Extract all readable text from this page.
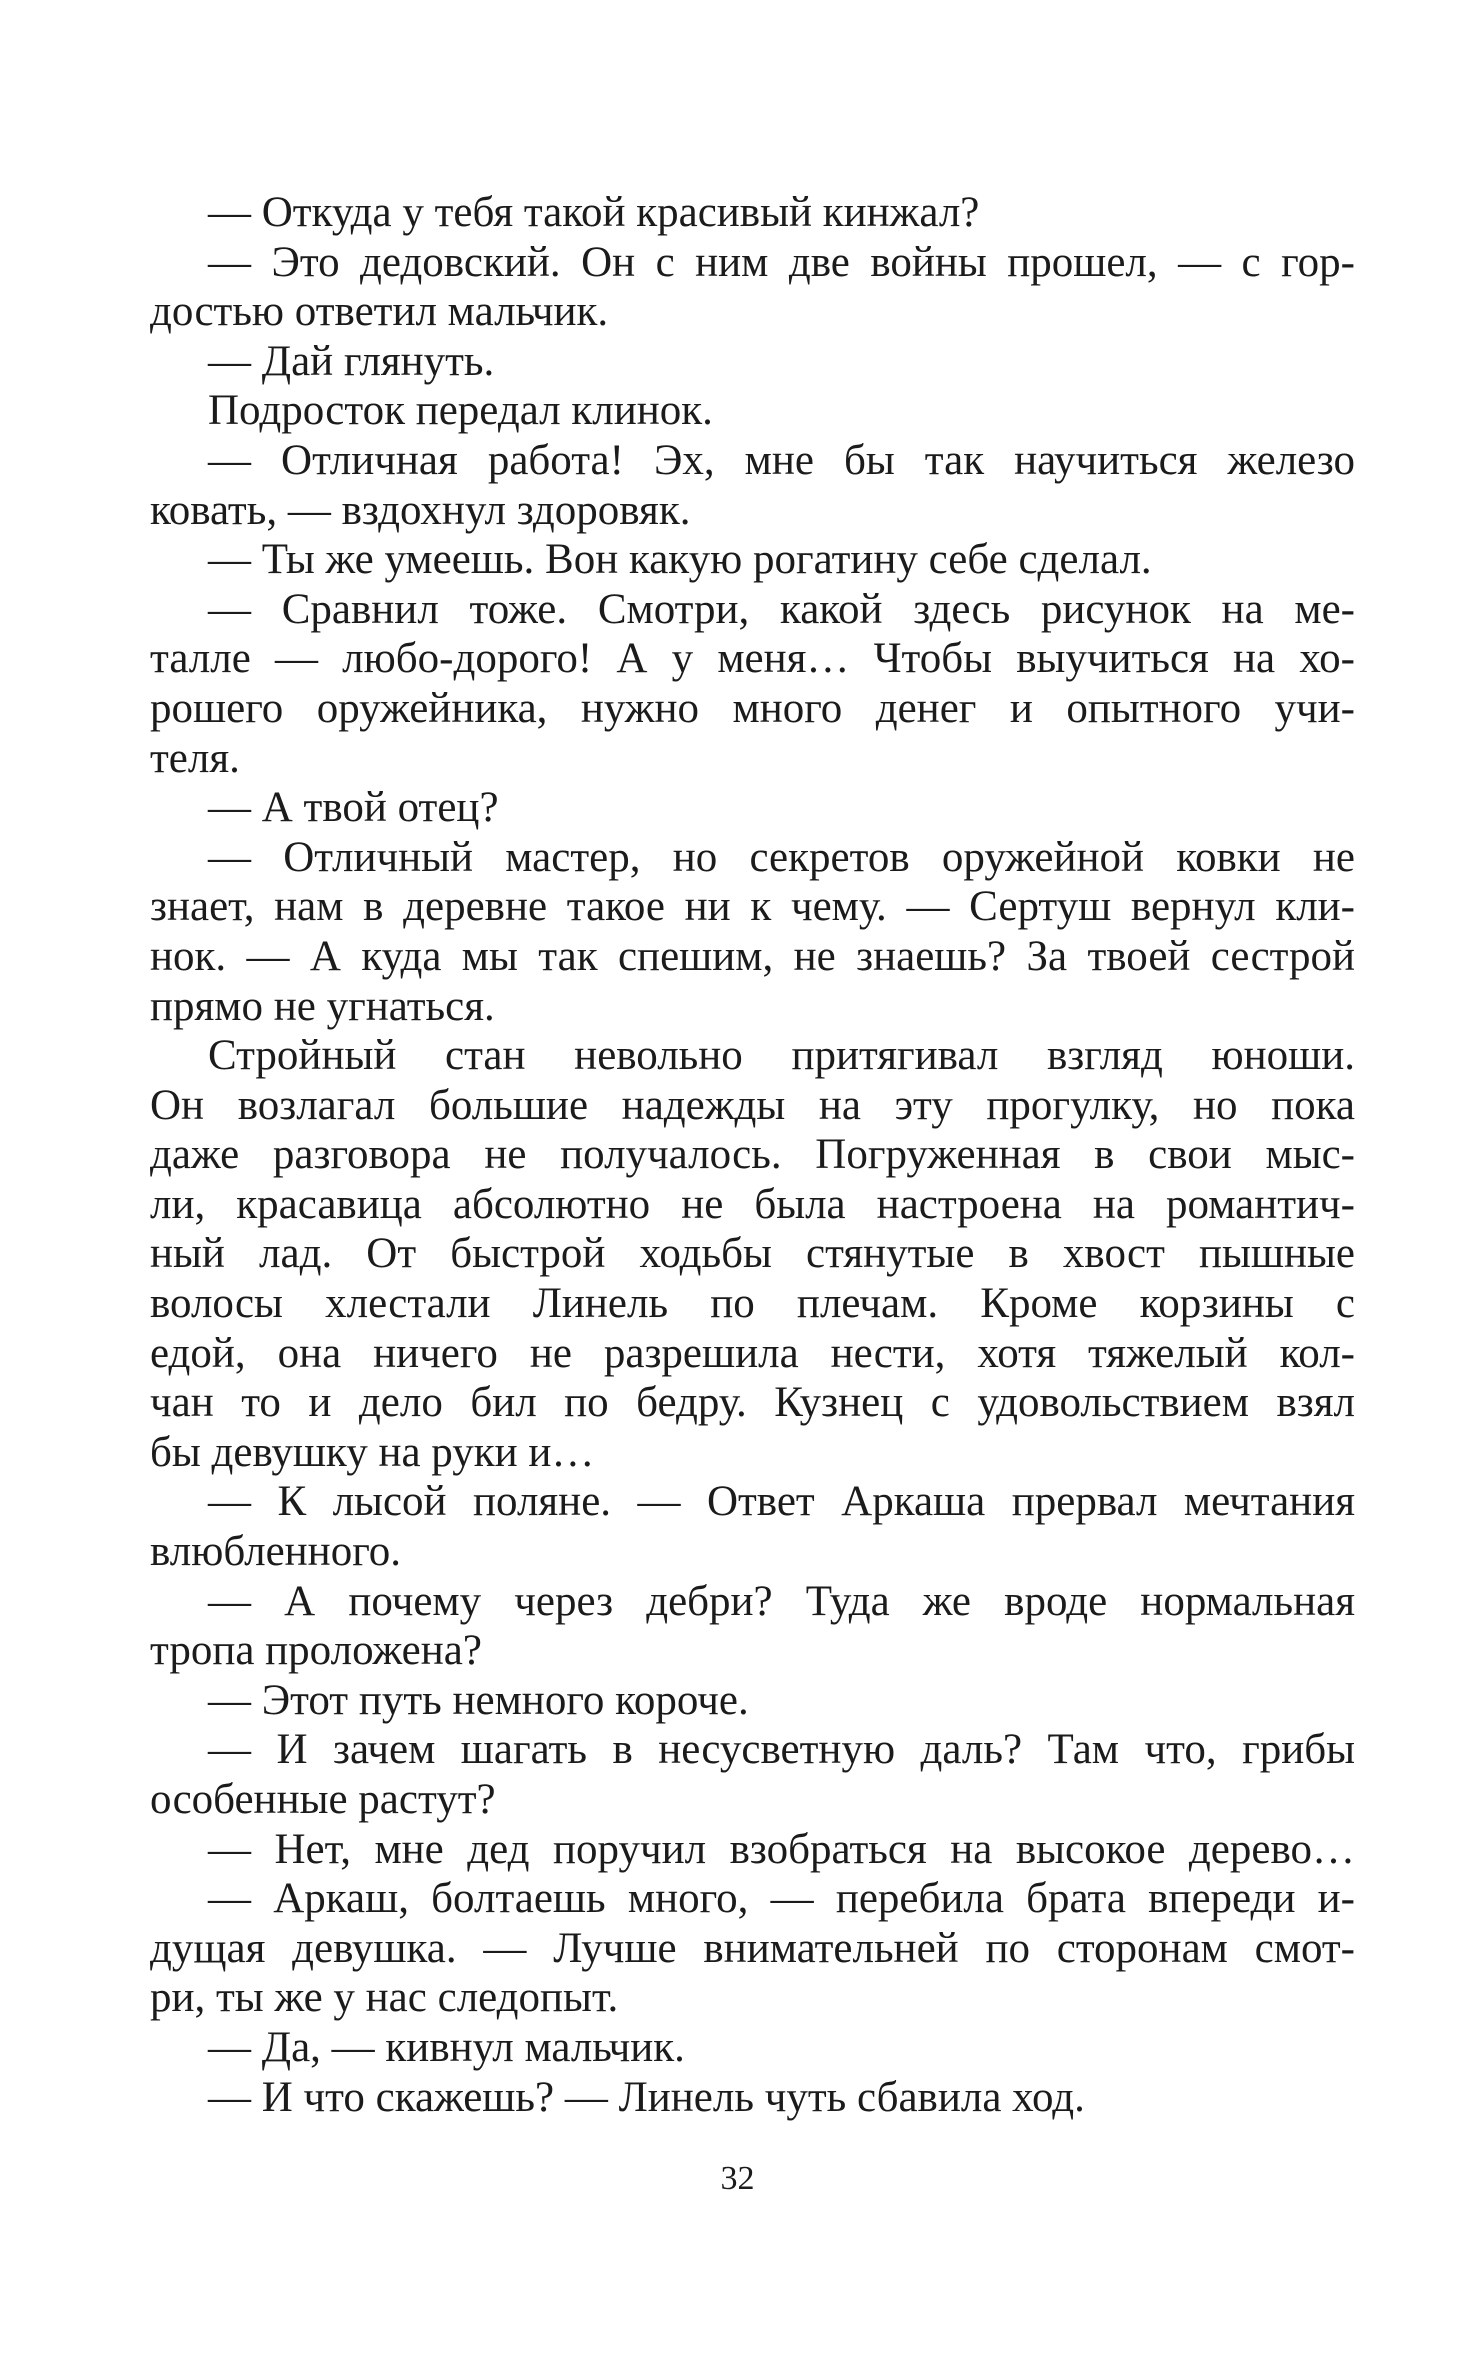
— Откуда у тебя такой красивый кинжал?
— Это дедовский. Он с ним две войны прошел, — с гор-
достью ответил мальчик.
— Дай глянуть.
Подросток передал клинок.
— Отличная работа! Эх, мне бы так научиться железо
ковать, — вздохнул здоровяк.
— Ты же умеешь. Вон какую рогатину себе сделал.
— Сравнил тоже. Смотри, какой здесь рисунок на ме-
талле — любо-дорого! А у меня… Чтобы выучиться на хо-
рошего оружейника, нужно много денег и опытного учи-
теля.
— А твой отец?
— Отличный мастер, но секретов оружейной ковки не
знает, нам в деревне такое ни к чему. — Сертуш вернул кли-
нок. — А куда мы так спешим, не знаешь? За твоей сестрой
прямо не угнаться.
Стройный стан невольно притягивал взгляд юноши.
Он возлагал большие надежды на эту прогулку, но пока
даже разговора не получалось. Погруженная в свои мыс-
ли, красавица абсолютно не была настроена на романтич-
ный лад. От быстрой ходьбы стянутые в хвост пышные
волосы хлестали Линель по плечам. Кроме корзины с
едой, она ничего не разрешила нести, хотя тяжелый кол-
чан то и дело бил по бедру. Кузнец с удовольствием взял
бы девушку на руки и…
— К лысой поляне. — Ответ Аркаша прервал мечтания
влюбленного.
— А почему через дебри? Туда же вроде нормальная
тропа проложена?
— Этот путь немного короче.
— И зачем шагать в несусветную даль? Там что, грибы
особенные растут?
— Нет, мне дед поручил взобраться на высокое дерево…
— Аркаш, болтаешь много, — перебила брата впереди и-
дущая девушка. — Лучше внимательней по сторонам смот-
ри, ты же у нас следопыт.
— Да, — кивнул мальчик.
— И что скажешь? — Линель чуть сбавила ход.
32
